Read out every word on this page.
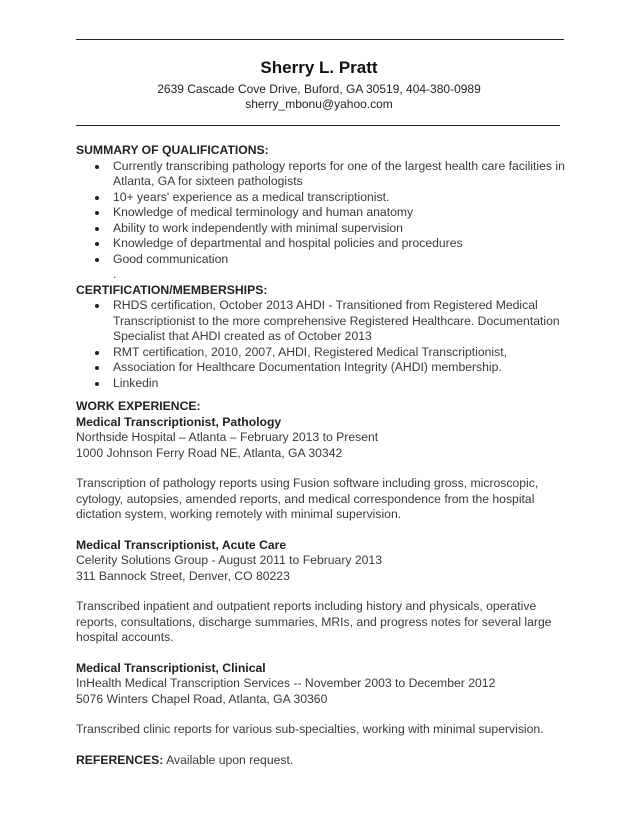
Sherry L. Pratt
2639 Cascade Cove Drive, Buford, GA 30519, 404-380-0989
sherry_mbonu@yahoo.com
SUMMARY OF QUALIFICATIONS:
Currently transcribing pathology reports for one of the largest health care facilities in Atlanta, GA for sixteen pathologists
10+ years' experience as a medical transcriptionist.
Knowledge of medical terminology and human anatomy
Ability to work independently with minimal supervision
Knowledge of departmental and hospital policies and procedures
Good communication
.
CERTIFICATION/MEMBERSHIPS:
RHDS certification, October 2013 AHDI - Transitioned from Registered Medical Transcriptionist to the more comprehensive Registered Healthcare. Documentation Specialist that AHDI created as of October 2013
RMT certification, 2010, 2007, AHDI, Registered Medical Transcriptionist,
Association for Healthcare Documentation Integrity (AHDI) membership.
Linkedin
WORK EXPERIENCE:
Medical Transcriptionist, Pathology
Northside Hospital – Atlanta – February 2013 to Present
1000 Johnson Ferry Road NE, Atlanta, GA 30342
Transcription of pathology reports using Fusion software including gross, microscopic, cytology, autopsies, amended reports, and medical correspondence from the hospital dictation system, working remotely with minimal supervision.
Medical Transcriptionist, Acute Care
Celerity Solutions Group - August 2011 to February 2013
311 Bannock Street, Denver, CO 80223
Transcribed inpatient and outpatient reports including history and physicals, operative reports, consultations, discharge summaries, MRIs, and progress notes for several large hospital accounts.
Medical Transcriptionist, Clinical
InHealth Medical Transcription Services -- November 2003 to December 2012
5076 Winters Chapel Road, Atlanta, GA 30360
Transcribed clinic reports for various sub-specialties, working with minimal supervision.
REFERENCES: Available upon request.
